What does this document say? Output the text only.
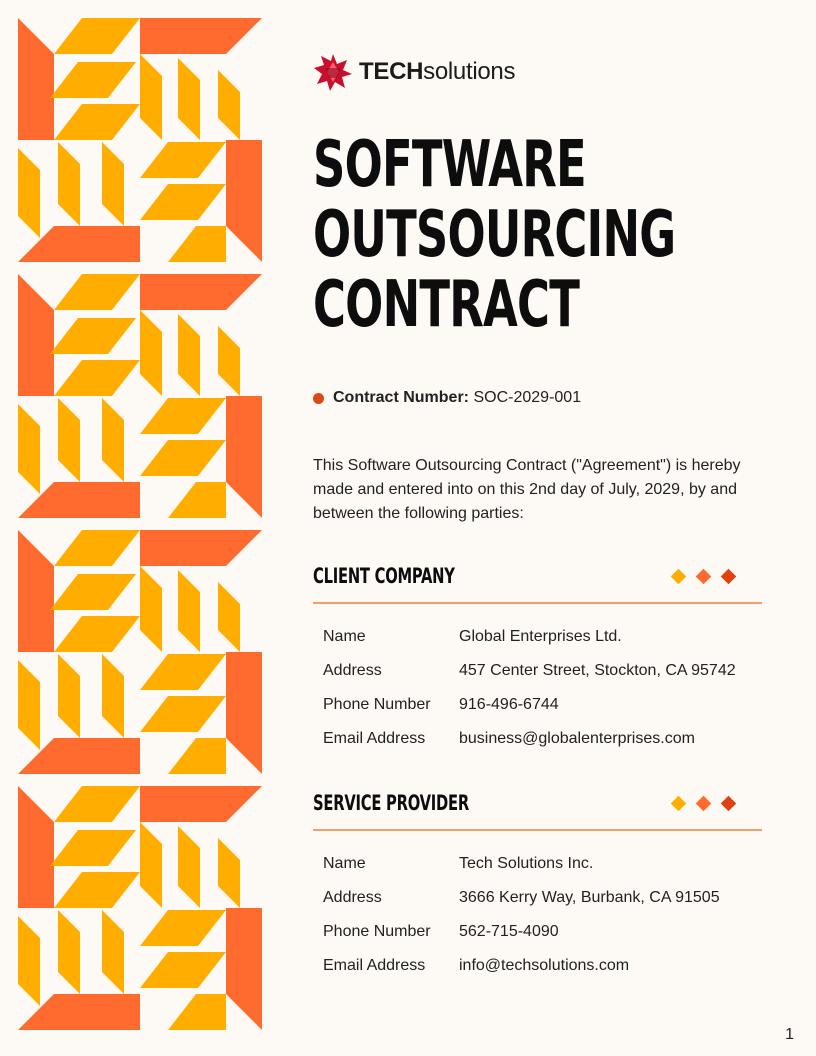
TECHsolutions
SOFTWARE
OUTSOURCING
CONTRACT
Contract Number: SOC-2029-001

This Software Outsourcing Contract ("Agreement") is hereby made and entered into on this 2nd day of July, 2029, by and between the following parties:

CLIENT COMPANY
Name	Global Enterprises Ltd.
Address	457 Center Street, Stockton, CA 95742
Phone Number	916-496-6744
Email Address	business@globalenterprises.com
SERVICE PROVIDER
Name	Tech Solutions Inc.
Address	3666 Kerry Way, Burbank, CA 91505
Phone Number	562-715-4090
Email Address	info@techsolutions.com
1
